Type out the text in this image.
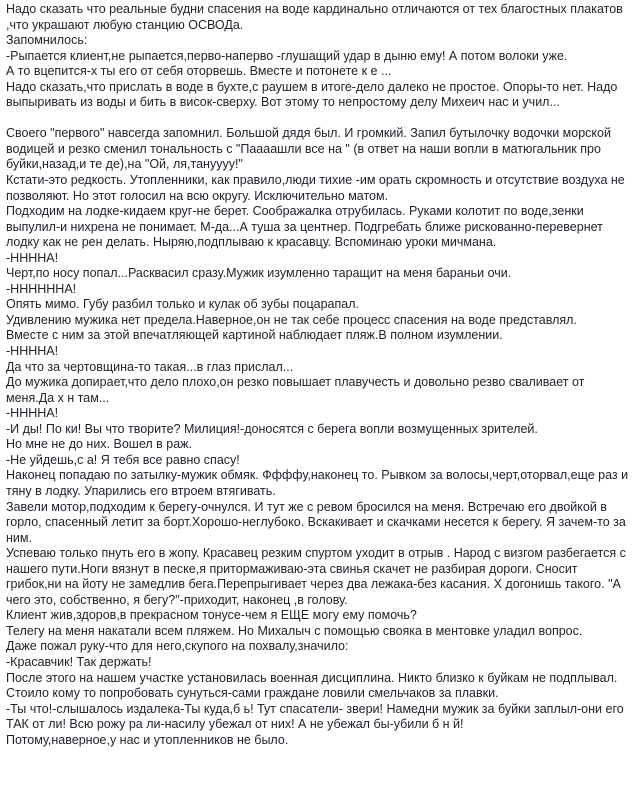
Надо сказать что реальные будни спасения на воде кардинально отличаются от тех благостных плакатов ,что украшают любую станцию ОСВОДа.
Запомнилось:
-Рыпается клиент,не рыпается,перво-наперво -глушащий удар в дыню ему! А потом волоки уже.
А то вцепится-х ты его от себя оторвешь. Вместе и потонете к е ...
Надо сказать,что прислать в воде в бухте,с раушем в итоге-дело далеко не простое. Опоры-то нет. Надо выпыривать из воды и бить в висок-сверху. Вот этому то непростому делу Михеич нас и учил...
Своего "первого" навсегда запомнил. Большой дядя был. И громкий. Запил бутылочку водочки морской водицей и резко сменил тональность с "Паааашли все на " (в ответ на наши вопли в матюгальник про буйки,назад,и те де),на "Ой, ля,тануууу!"
Кстати-это редкость. Утопленники, как правило,люди тихие -им орать скромность и отсутствие воздуха не позволяют. Но этот голосил на всю округу. Исключительно матом.
Подходим на лодке-кидаем круг-не берет. Соображалка отрубилась. Руками колотит по воде,зенки выпулил-и нихрена не понимает. М-да...А туша за центнер. Подгребать ближе рискованно-перевернет лодку как не рен делать. Ныряю,подплываю к красавцу. Вспоминаю уроки мичмана.
-ННННА!
Черт,по носу попал...Раскваcил сразу.Мужик изумленно таращит на меня бараньи очи.
-ННННННА!
Опять мимо. Губу разбил только и кулак об зубы поцарапал.
Удивлению мужика нет предела.Наверное,он не так себе процесс спасения на воде представлял.
Вместе с ним за этой впечатляющей картиной наблюдает пляж.В полном изумлении.
-ННННА!
Да что за чертовщина-то такая...в глаз прислал...
До мужика допирает,что дело плохо,он резко повышает плавучесть и довольно резво сваливает от меня.Да х н там...
-ННННА!
-И ды! По ки! Вы что творите? Милиция!-доносятся с берега вопли возмущенных зрителей.
Но мне не до них. Вошел в раж.
-Не уйдешь,с а! Я тебя все равно спасу!
Наконец попадаю по затылку-мужик обмяк. Ффффу,наконец то. Рывком за волосы,черт,оторвал,еще раз и тяну в лодку. Упарились его втроем втягивать.
Завели мотор,подходим к берегу-очнулся. И тут же с ревом бросился на меня. Встречаю его двойкой в горло, спасенный летит за борт.Хорошо-неглубоко. Вскакивает и скачками несется к берегу. Я зачем-то за ним.
Успеваю только пнуть его в жопу. Красавец резким спуртом уходит в отрыв . Народ с визгом разбегается с нашего пути.Ноги вязнут в песке,я притормаживаю-эта свинья скачет не разбирая дороги. Сносит грибок,ни на йоту не замедлив бега.Перепрыгивает через два лежака-без касания. Х догонишь такого. "А чего это, собственно, я бегу?"-приходит, наконец ,в голову.
Клиент жив,здоров,в прекрасном тонусе-чем я ЕЩЕ могу ему помочь?
Телегу на меня накатали всем пляжем. Но Михалыч с помощью свояка в ментовке уладил вопрос.
Даже пожал руку-что для него,скупого на похвалу,значило:
-Красавчик! Так держать!
После этого на нашем участке установилась военная дисциплина. Никто близко к буйкам не подплывал.
Стоило кому то попробовать сунуться-сами граждане ловили смельчаков за плавки.
-Ты что!-слышалось издалека-Ты куда,б ь! Тут спасатели- звери! Намедни мужик за буйки заплыл-они его ТАК от ли! Всю рожу ра ли-насилу убежал от них! А не убежал бы-убили б н й!
Потому,наверное,у нас и утопленников не было.
